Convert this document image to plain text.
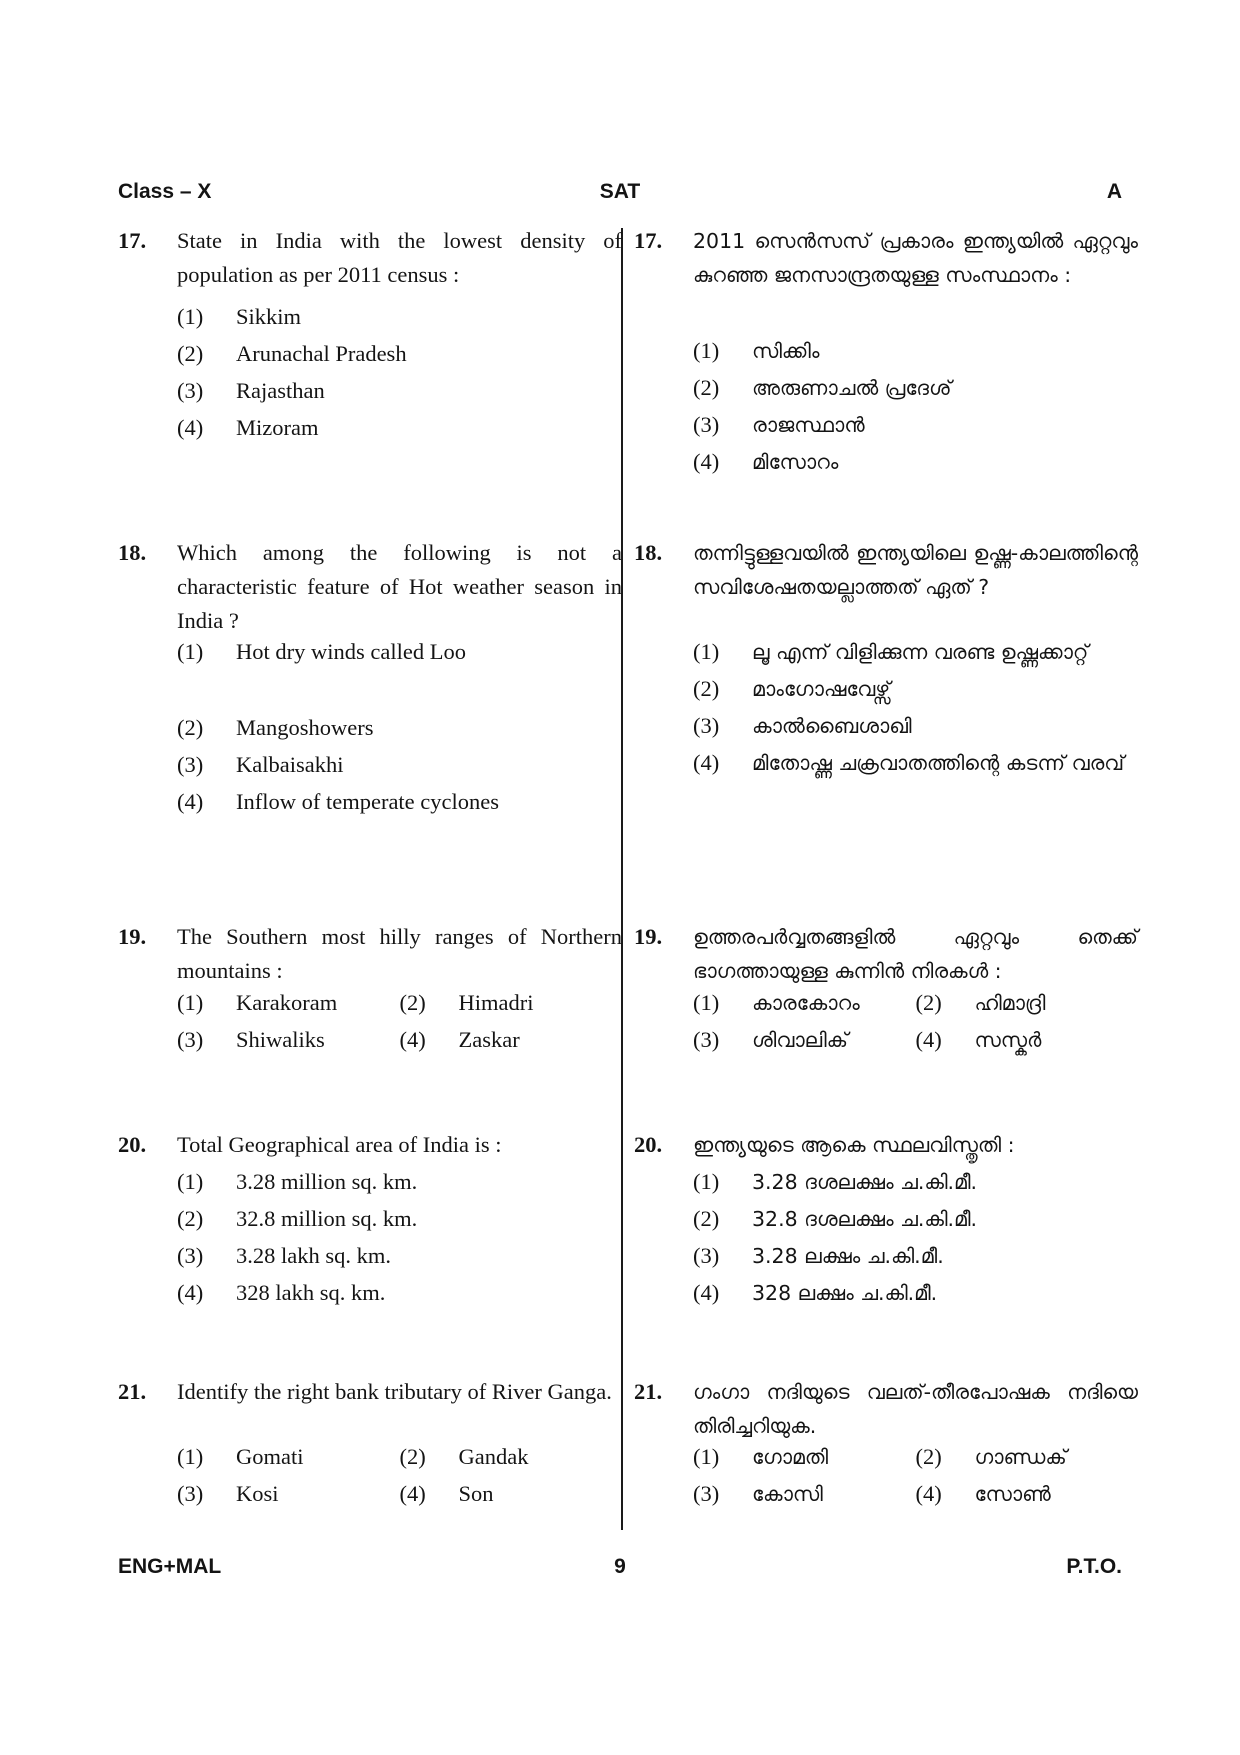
Class – X	SAT	A
17.	State in India with the lowest density of population as per 2011 census :
(1)	Sikkim
(2)	Arunachal Pradesh
(3)	Rajasthan
(4)	Mizoram
18.	Which among the following is not a characteristic feature of Hot weather season in India ?
(1)	Hot dry winds called Loo
(2)	Mangoshowers
(3)	Kalbaisakhi
(4)	Inflow of temperate cyclones
19.	The Southern most hilly ranges of Northern mountains :
(1)	Karakoram	(2)	Himadri
(3)	Shiwaliks	(4)	Zaskar
20.	Total Geographical area of India is :
(1)	3.28 million sq. km.
(2)	32.8 million sq. km.
(3)	3.28 lakh sq. km.
(4)	328 lakh sq. km.
21.	Identify the right bank tributary of River Ganga.
(1)	Gomati	(2)	Gandak
(3)	Kosi	(4)	Son
17.	2011 സെൻസസ് പ്രകാരം ഇന്ത്യയിൽ ഏറ്റവും കുറഞ്ഞ ജനസാന്ദ്രതയുള്ള സംസ്ഥാനം :
(1)	സിക്കിം
(2)	അരുണാചൽ പ്രദേശ്
(3)	രാജസ്ഥാൻ
(4)	മിസോറം
18.	തന്നിട്ടുള്ളവയിൽ ഇന്ത്യയിലെ ഉഷ്ണ-കാലത്തിന്റെ സവിശേഷതയല്ലാത്തത് ഏത് ?
(1)	ലൂ എന്ന് വിളിക്കുന്ന വരണ്ട ഉഷ്ണക്കാറ്റ്
(2)	മാംഗോഷവേഴ്സ്
(3)	കാൽബൈശാഖി
(4)	മിതോഷ്ണ ചക്രവാതത്തിന്റെ കടന്ന് വരവ്
19.	ഉത്തരപർവ്വതങ്ങളിൽ ഏറ്റവും തെക്ക് ഭാഗത്തായുള്ള കുന്നിൻ നിരകൾ :
(1)	കാരകോറം	(2)	ഹിമാദ്രി
(3)	ശിവാലിക്	(4)	സസ്കർ
20.	ഇന്ത്യയുടെ ആകെ സ്ഥലവിസ്തൃതി :
(1)	3.28 ദശലക്ഷം ച.കി.മീ.
(2)	32.8 ദശലക്ഷം ച.കി.മീ.
(3)	3.28 ലക്ഷം ച.കി.മീ.
(4)	328 ലക്ഷം ച.കി.മീ.
21.	ഗംഗാ നദിയുടെ വലത്-തീരപോഷക നദിയെ തിരിച്ചറിയുക.
(1)	ഗോമതി	(2)	ഗാണ്ഡക്
(3)	കോസി	(4)	സോൺ
ENG+MAL	9	P.T.O.
